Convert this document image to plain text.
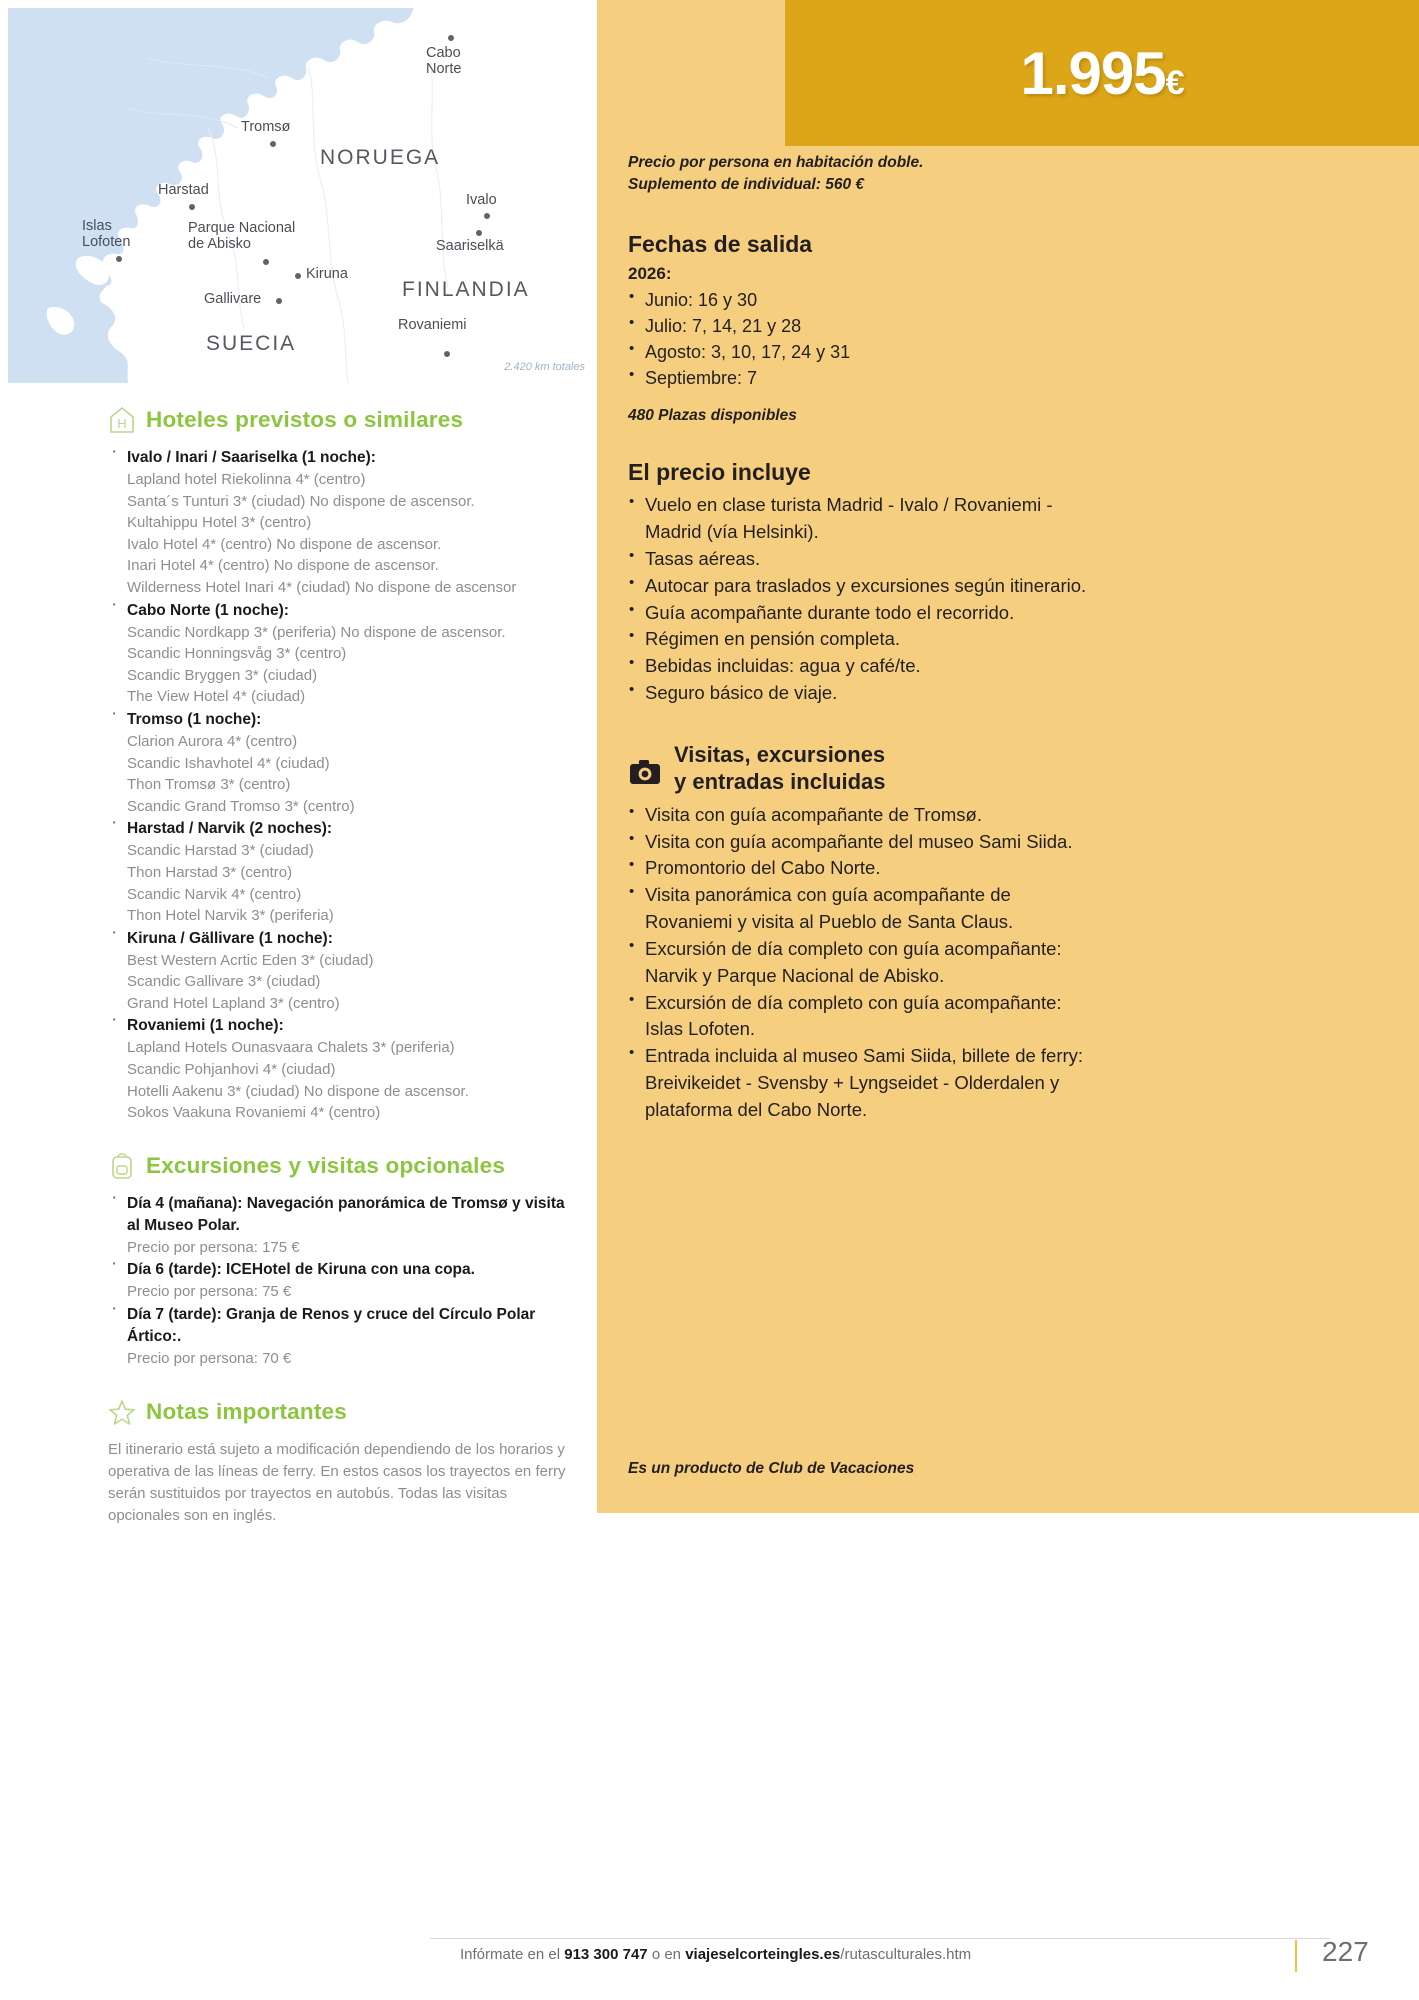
Cabo
Norte
Tromsø
NORUEGA
Harstad
Ivalo
Islas
Lofoten
Parque Nacional
de Abisko	Saariselkä
Kiruna
FINLANDIA
Gallivare
Rovaniemi
SUECIA
2.420 km totales
H Hoteles previstos o similares
· Ivalo / Inari / Saariselka (1 noche):
Lapland hotel Riekolinna 4* (centro)
Santa´s Tunturi 3* (ciudad) No dispone de ascensor.
Kultahippu Hotel 3* (centro)
Ivalo Hotel 4* (centro) No dispone de ascensor.
Inari Hotel 4* (centro) No dispone de ascensor.
Wilderness Hotel Inari 4* (ciudad) No dispone de ascensor
· Cabo Norte (1 noche):
Scandic Nordkapp 3* (periferia) No dispone de ascensor.
Scandic Honningsvåg 3* (centro)
Scandic Bryggen 3* (ciudad)
The View Hotel 4* (ciudad)
· Tromso (1 noche):
Clarion Aurora 4* (centro)
Scandic Ishavhotel 4* (ciudad)
Thon Tromsø 3* (centro)
Scandic Grand Tromso 3* (centro)
· Harstad / Narvik (2 noches):
Scandic Harstad 3* (ciudad)
Thon Harstad 3* (centro)
Scandic Narvik 4* (centro)
Thon Hotel Narvik 3* (periferia)
· Kiruna / Gällivare (1 noche):
Best Western Acrtic Eden 3* (ciudad)
Scandic Gallivare 3* (ciudad)
Grand Hotel Lapland 3* (centro)
· Rovaniemi (1 noche):
Lapland Hotels Ounasvaara Chalets 3* (periferia)
Scandic Pohjanhovi 4* (ciudad)
Hotelli Aakenu 3* (ciudad) No dispone de ascensor.
Sokos Vaakuna Rovaniemi 4* (centro)
Excursiones y visitas opcionales
· Día 4 (mañana): Navegación panorámica de Tromsø y visita al Museo Polar.
Precio por persona: 175 €
· Día 6 (tarde): ICEHotel de Kiruna con una copa.
Precio por persona: 75 €
· Día 7 (tarde): Granja de Renos y cruce del Círculo Polar Ártico:.
Precio por persona: 70 €
Notas importantes
El itinerario está sujeto a modificación dependiendo de los horarios y operativa de las líneas de ferry. En estos casos los trayectos en ferry serán sustituidos por trayectos en autobús. Todas las visitas opcionales son en inglés.
1.995€
Precio por persona en habitación doble.
Suplemento de individual: 560 €
Fechas de salida
2026:
• Junio: 16 y 30
• Julio: 7, 14, 21 y 28
• Agosto: 3, 10, 17, 24 y 31
• Septiembre: 7
480 Plazas disponibles
El precio incluye
• Vuelo en clase turista Madrid - Ivalo / Rovaniemi - Madrid (vía Helsinki).
• Tasas aéreas.
• Autocar para traslados y excursiones según itinerario.
• Guía acompañante durante todo el recorrido.
• Régimen en pensión completa.
• Bebidas incluidas: agua y café/te.
• Seguro básico de viaje.
Visitas, excursiones
y entradas incluidas
• Visita con guía acompañante de Tromsø.
• Visita con guía acompañante del museo Sami Siida.
• Promontorio del Cabo Norte.
• Visita panorámica con guía acompañante de Rovaniemi y visita al Pueblo de Santa Claus.
• Excursión de día completo con guía acompañante: Narvik y Parque Nacional de Abisko.
• Excursión de día completo con guía acompañante: Islas Lofoten.
• Entrada incluida al museo Sami Siida, billete de ferry: Breivikeidet - Svensby + Lyngseidet - Olderdalen y plataforma del Cabo Norte.
Es un producto de Club de Vacaciones
Infórmate en el 913 300 747 o en viajeselcorteingles.es/rutasculturales.htm	227
